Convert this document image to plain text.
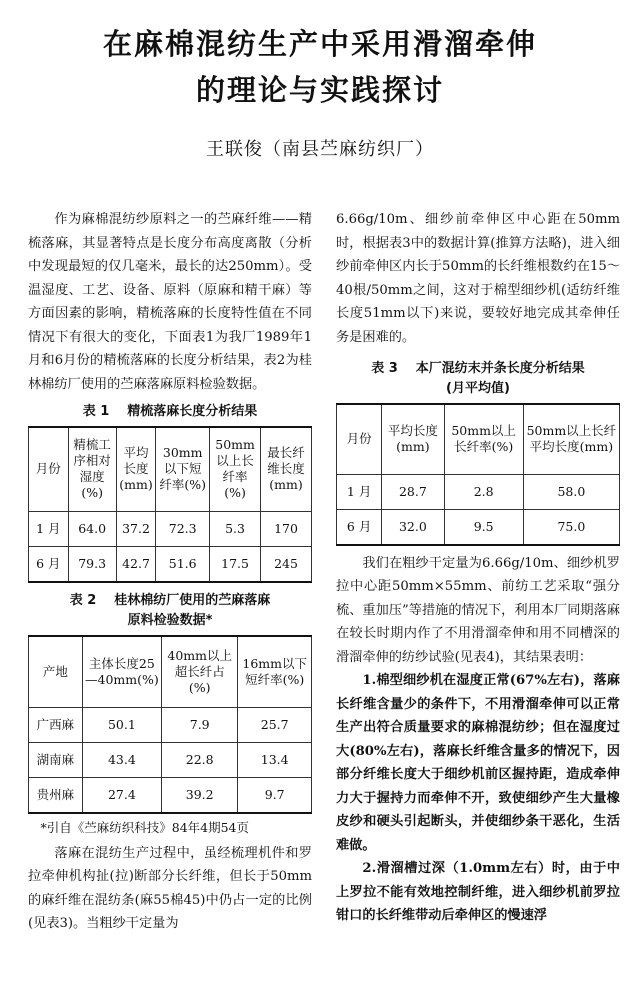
在麻棉混纺生产中采用滑溜牵伸
的理论与实践探讨
王联俊（南县苎麻纺织厂）

作为麻棉混纺纱原料之一的苎麻纤维——精梳落麻，其显著特点是长度分布高度离散（分析中发现最短的仅几毫米，最长的达250mm）。受温湿度、工艺、设备、原料（原麻和精干麻）等方面因素的影响，精梳落麻的长度特性值在不同情况下有很大的变化，下面表1为我厂1989年1月和6月份的精梳落麻的长度分析结果，表2为桂林棉纺厂使用的苎麻落麻原料检验数据。

表 1 精梳落麻长度分析结果
月份	精梳工序相对湿度(%)	平均长度(mm)	30mm以下短纤率(%)	50mm以上长纤率(%)	最长纤维长度(mm)
1 月	64.0	37.2	72.3	5.3	170
6 月	79.3	42.7	51.6	17.5	245
表 2 桂林棉纺厂使用的苎麻落麻
原料检验数据*
产地	主体长度25—40mm(%)	40mm以上超长纤占(%)	16mm以下短纤率(%)
广西麻	50.1	7.9	25.7
湖南麻	43.4	22.8	13.4
贵州麻	27.4	39.2	9.7
*引自《苎麻纺织科技》84年4期54页

落麻在混纺生产过程中，虽经梳理机件和罗拉牵伸机构扯(拉)断部分长纤维，但长于50mm的麻纤维在混纺条(麻55棉45)中仍占一定的比例(见表3)。当粗纱干定量为

6.66g/10m、细纱前牵伸区中心距在50mm时，根据表3中的数据计算(推算方法略)，进入细纱前牵伸区内长于50mm的长纤维根数约在15～40根/50mm之间，这对于棉型细纱机(适纺纤维长度51mm以下)来说，要较好地完成其牵伸任务是困难的。

表 3 本厂混纺末并条长度分析结果
(月平均值)
月份	平均长度(mm)	50mm以上长纤率(%)	50mm以上长纤平均长度(mm)
1 月	28.7	2.8	58.0
6 月	32.0	9.5	75.0

我们在粗纱干定量为6.66g/10m、细纱机罗拉中心距50mm×55mm、前纺工艺采取“强分梳、重加压”等措施的情况下，利用本厂同期落麻在较长时期内作了不用滑溜牵伸和用不同槽深的滑溜牵伸的纺纱试验(见表4)，其结果表明：

1.棉型细纱机在湿度正常(67%左右)，落麻长纤维含量少的条件下，不用滑溜牵伸可以正常生产出符合质量要求的麻棉混纺纱；但在湿度过大(80%左右)，落麻长纤维含量多的情况下，因部分纤维长度大于细纱机前区握持距，造成牵伸力大于握持力而牵伸不开，致使细纱产生大量橡皮纱和硬头引起断头，并使细纱条干恶化，生活难做。

2.滑溜槽过深（1.0mm左右）时，由于中上罗拉不能有效地控制纤维，进入细纱机前罗拉钳口的长纤维带动后牵伸区的慢速浮
